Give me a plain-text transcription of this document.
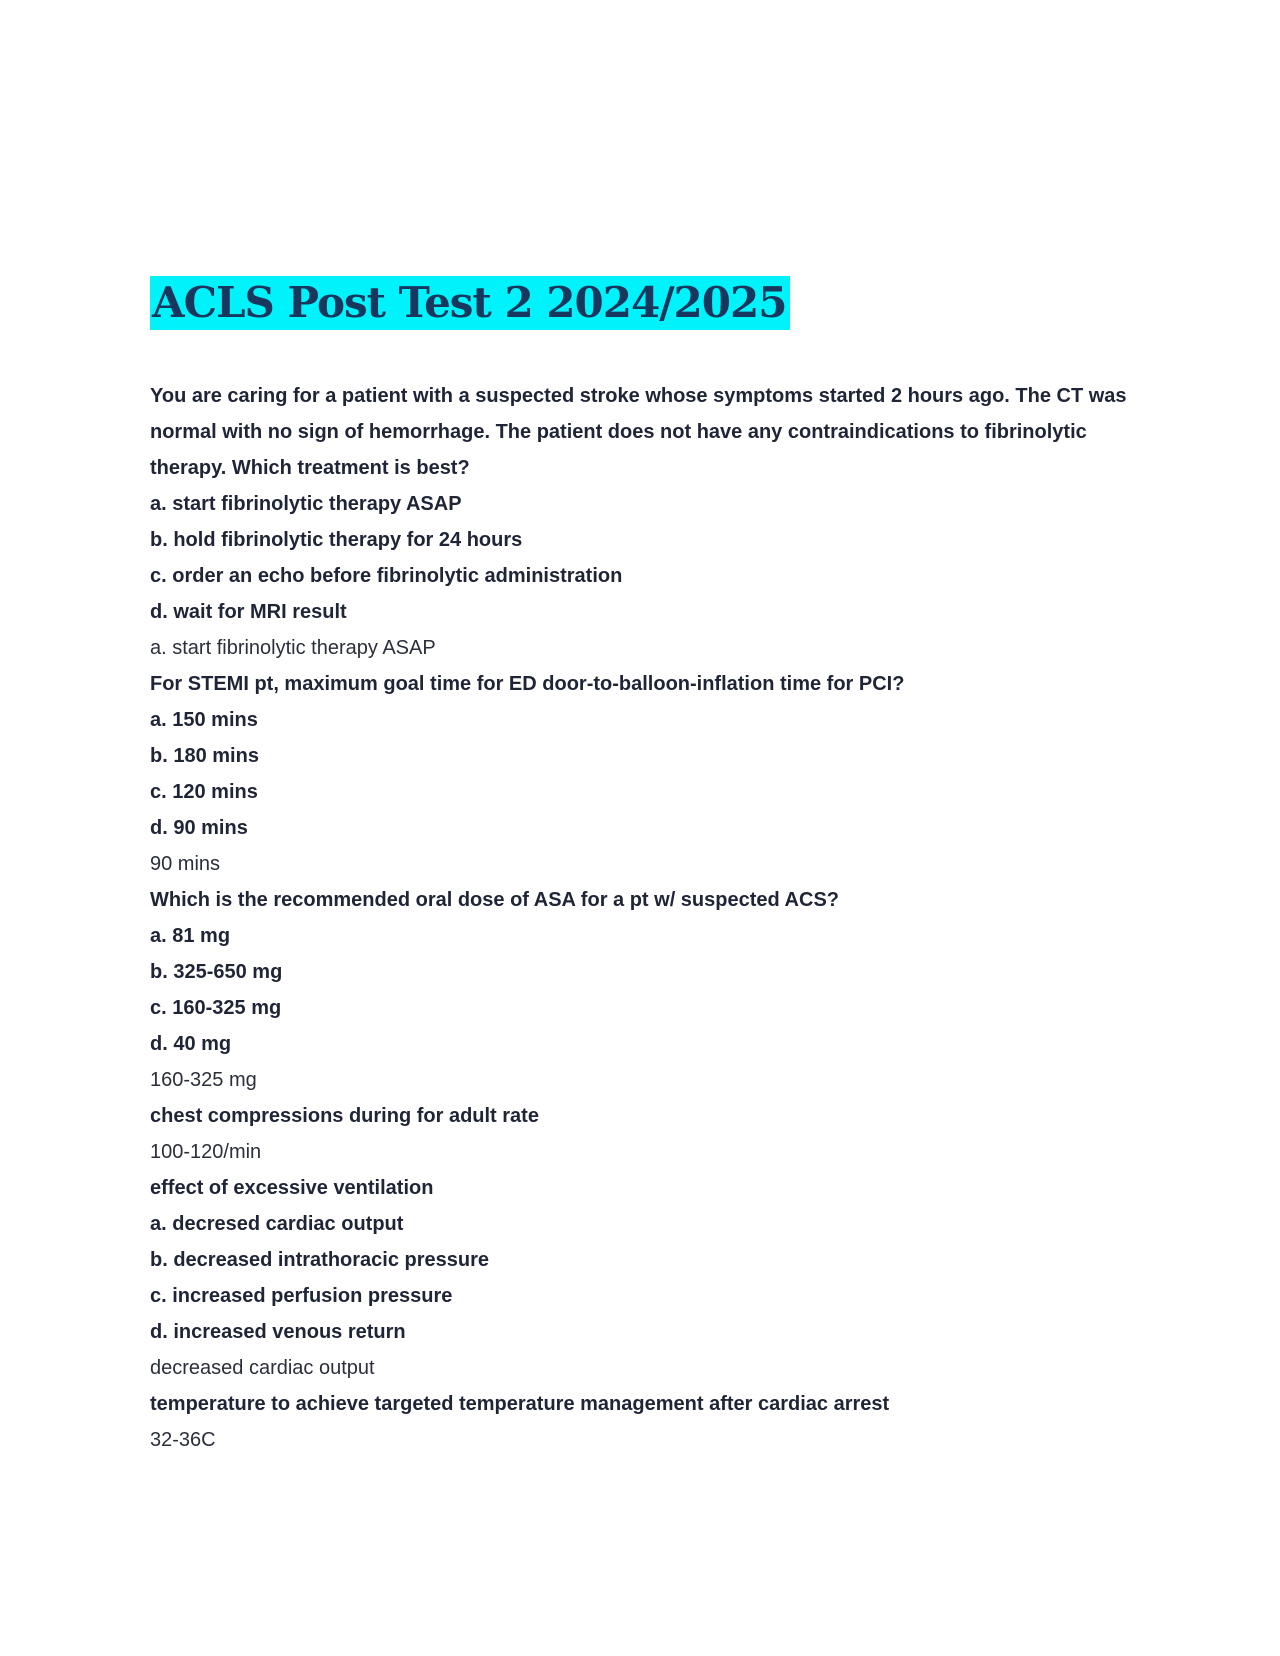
ACLS Post Test 2 2024/2025
You are caring for a patient with a suspected stroke whose symptoms started 2 hours ago. The CT was normal with no sign of hemorrhage. The patient does not have any contraindications to fibrinolytic therapy. Which treatment is best?
a. start fibrinolytic therapy ASAP
b. hold fibrinolytic therapy for 24 hours
c. order an echo before fibrinolytic administration
d. wait for MRI result
a. start fibrinolytic therapy ASAP
For STEMI pt, maximum goal time for ED door-to-balloon-inflation time for PCI?
a. 150 mins
b. 180 mins
c. 120 mins
d. 90 mins
90 mins
Which is the recommended oral dose of ASA for a pt w/ suspected ACS?
a. 81 mg
b. 325-650 mg
c. 160-325 mg
d. 40 mg
160-325 mg
chest compressions during for adult rate
100-120/min
effect of excessive ventilation
a. decresed cardiac output
b. decreased intrathoracic pressure
c. increased perfusion pressure
d. increased venous return
decreased cardiac output
temperature to achieve targeted temperature management after cardiac arrest
32-36C
